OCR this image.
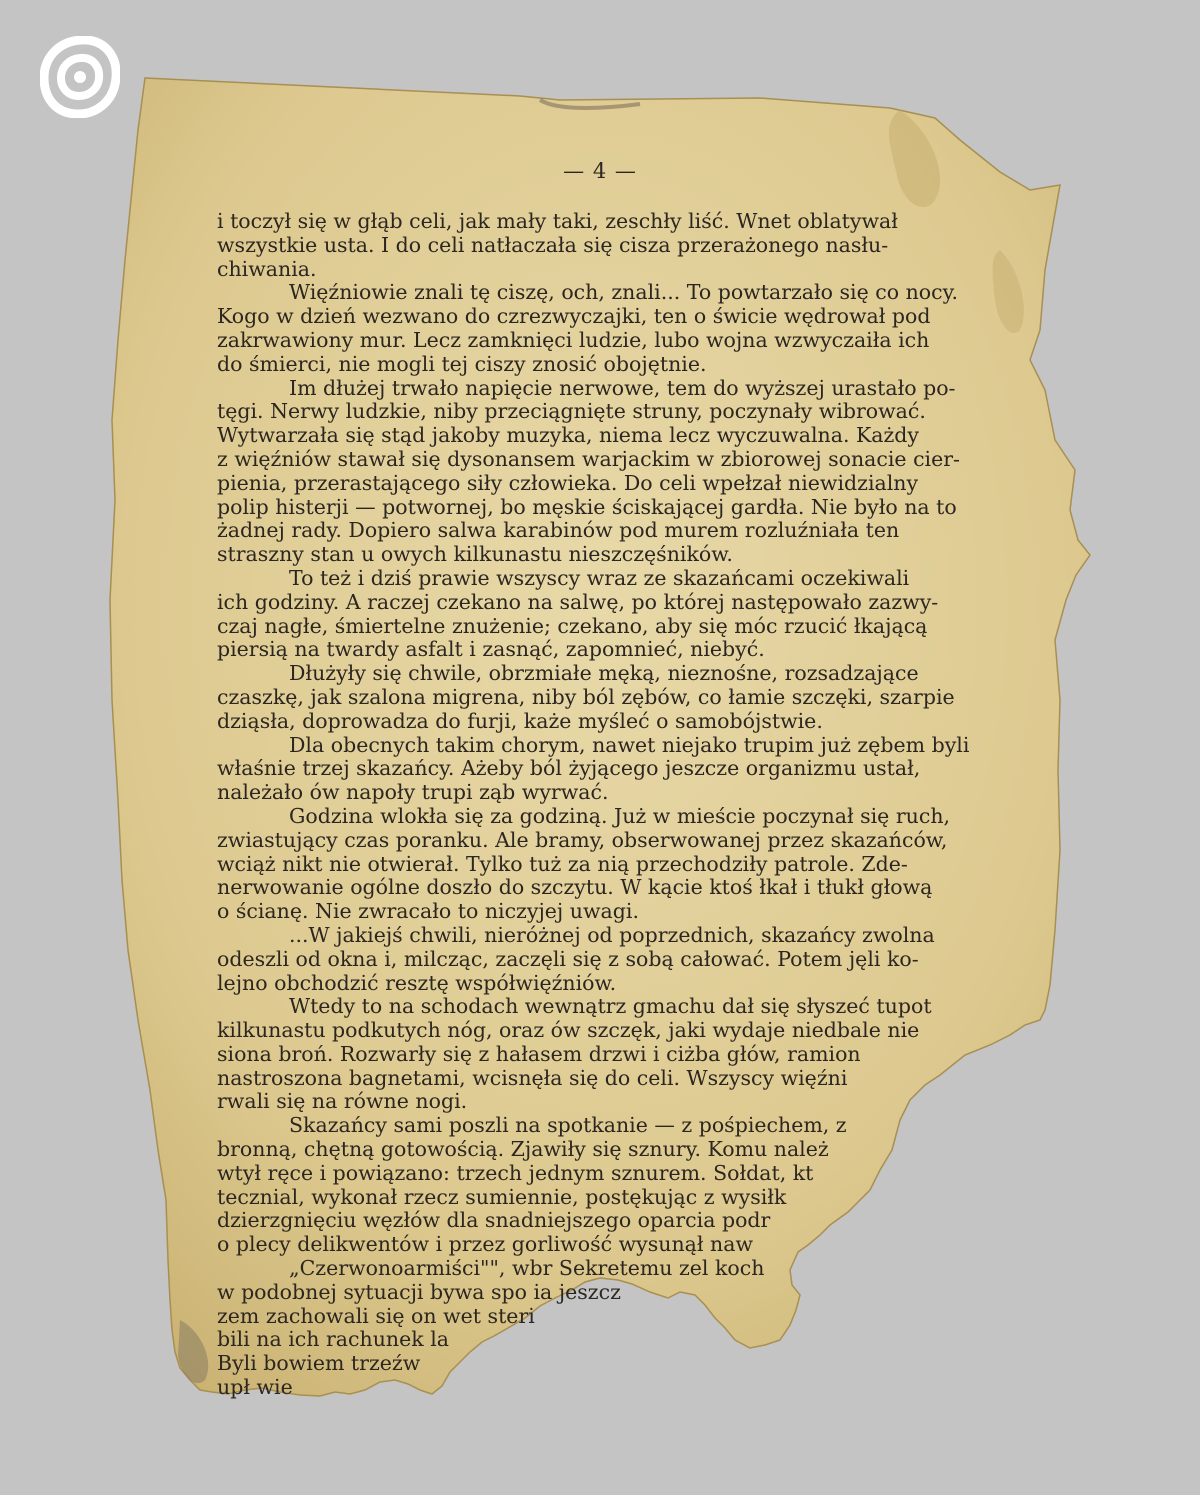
— 4 —
i toczył się w głąb celi, jak mały taki, zeschły liść. Wnet oblatywał
wszystkie usta. I do celi natłaczała się cisza przerażonego nasłu-
chiwania.
Więźniowie znali tę ciszę, och, znali... To powtarzało się co nocy.
Kogo w dzień wezwano do czrezwyczajki, ten o świcie wędrował pod
zakrwawiony mur. Lecz zamknięci ludzie, lubo wojna wzwyczaiła ich
do śmierci, nie mogli tej ciszy znosić obojętnie.
Im dłużej trwało napięcie nerwowe, tem do wyższej urastało po-
tęgi. Nerwy ludzkie, niby przeciągnięte struny, poczynały wibrować.
Wytwarzała się stąd jakoby muzyka, niema lecz wyczuwalna. Każdy
z więźniów stawał się dysonansem warjackim w zbiorowej sonacie cier-
pienia, przerastającego siły człowieka. Do celi wpełzał niewidzialny
polip histerji — potwornej, bo męskie ściskającej gardła. Nie było na to
żadnej rady. Dopiero salwa karabinów pod murem rozluźniała ten
straszny stan u owych kilkunastu nieszczęśników.
To też i dziś prawie wszyscy wraz ze skazańcami oczekiwali
ich godziny. A raczej czekano na salwę, po której następowało zazwy-
czaj nagłe, śmiertelne znużenie; czekano, aby się móc rzucić łkającą
piersią na twardy asfalt i zasnąć, zapomnieć, niebyć.
Dłużyły się chwile, obrzmiałe męką, nieznośne, rozsadzające
czaszkę, jak szalona migrena, niby ból zębów, co łamie szczęki, szarpie
dziąsła, doprowadza do furji, każe myśleć o samobójstwie.
Dla obecnych takim chorym, nawet niejako trupim już zębem byli
właśnie trzej skazańcy. Ażeby ból żyjącego jeszcze organizmu ustał,
należało ów napoły trupi ząb wyrwać.
Godzina wlokła się za godziną. Już w mieście poczynał się ruch,
zwiastujący czas poranku. Ale bramy, obserwowanej przez skazańców,
wciąż nikt nie otwierał. Tylko tuż za nią przechodziły patrole. Zde-
nerwowanie ogólne doszło do szczytu. W kącie ktoś łkał i tłukł głową
o ścianę. Nie zwracało to niczyjej uwagi.
...W jakiejś chwili, nieróżnej od poprzednich, skazańcy zwolna
odeszli od okna i, milcząc, zaczęli się z sobą całować. Potem jęli ko-
lejno obchodzić resztę współwięźniów.
Wtedy to na schodach wewnątrz gmachu dał się słyszeć tupot
kilkunastu podkutych nóg, oraz ów szczęk, jaki wydaje niedbale nie
siona broń. Rozwarły się z hałasem drzwi i ciżba głów, ramion
nastroszona bagnetami, wcisnęła się do celi. Wszyscy więźni
rwali się na równe nogi.
Skazańcy sami poszli na spotkanie — z pośpiechem, z
bronną, chętną gotowością. Zjawiły się sznury. Komu należ
wtył ręce i powiązano: trzech jednym sznurem. Sołdat, kt
tecznial, wykonał rzecz sumiennie, postękując z wysiłk
dzierzgnięciu węzłów dla snadniejszego oparcia podr
o plecy delikwentów i przez gorliwość wysunął naw
„Czerwonoarmiści"", wbr Sekretemu zel koch
w podobnej sytuacji bywa spo ia jeszcz
zem zachowali się on wet steri
bili na ich rachunek la
Byli bowiem trzeźw
upł wie
